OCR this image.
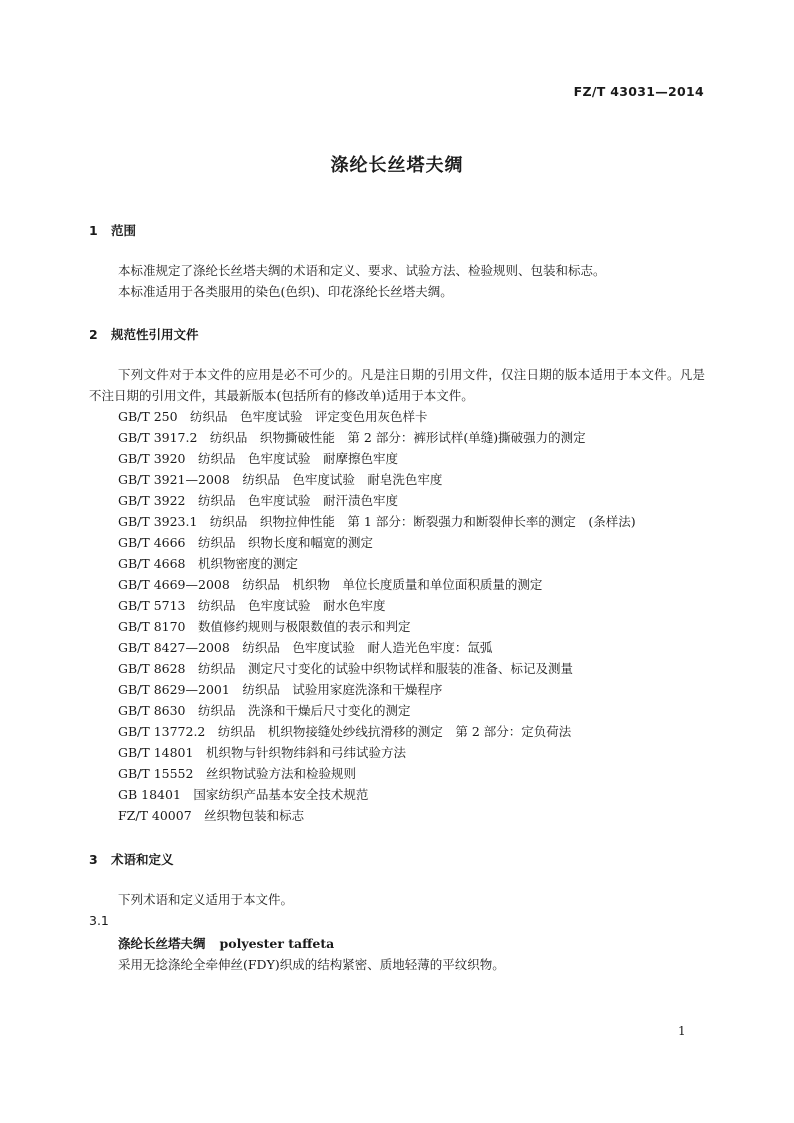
FZ/T 43031—2014
涤纶长丝塔夫绸
1 范围
本标准规定了涤纶长丝塔夫绸的术语和定义、要求、试验方法、检验规则、包装和标志。
本标准适用于各类服用的染色(色织)、印花涤纶长丝塔夫绸。
2 规范性引用文件
下列文件对于本文件的应用是必不可少的。凡是注日期的引用文件，仅注日期的版本适用于本文件。凡是不注日期的引用文件，其最新版本(包括所有的修改单)适用于本文件。
GB/T 250　纺织品　色牢度试验　评定变色用灰色样卡
GB/T 3917.2　纺织品　织物撕破性能　第 2 部分：裤形试样(单缝)撕破强力的测定
GB/T 3920　纺织品　色牢度试验　耐摩擦色牢度
GB/T 3921—2008　纺织品　色牢度试验　耐皂洗色牢度
GB/T 3922　纺织品　色牢度试验　耐汗渍色牢度
GB/T 3923.1　纺织品　织物拉伸性能　第 1 部分：断裂强力和断裂伸长率的测定　(条样法)
GB/T 4666　纺织品　织物长度和幅宽的测定
GB/T 4668　机织物密度的测定
GB/T 4669—2008　纺织品　机织物　单位长度质量和单位面积质量的测定
GB/T 5713　纺织品　色牢度试验　耐水色牢度
GB/T 8170　数值修约规则与极限数值的表示和判定
GB/T 8427—2008　纺织品　色牢度试验　耐人造光色牢度：氙弧
GB/T 8628　纺织品　测定尺寸变化的试验中织物试样和服装的准备、标记及测量
GB/T 8629—2001　纺织品　试验用家庭洗涤和干燥程序
GB/T 8630　纺织品　洗涤和干燥后尺寸变化的测定
GB/T 13772.2　纺织品　机织物接缝处纱线抗滑移的测定　第 2 部分：定负荷法
GB/T 14801　机织物与针织物纬斜和弓纬试验方法
GB/T 15552　丝织物试验方法和检验规则
GB 18401　国家纺织产品基本安全技术规范
FZ/T 40007　丝织物包装和标志
3 术语和定义
下列术语和定义适用于本文件。
3.1
涤纶长丝塔夫绸 polyester taffeta
采用无捻涤纶全牵伸丝(FDY)织成的结构紧密、质地轻薄的平纹织物。
1
